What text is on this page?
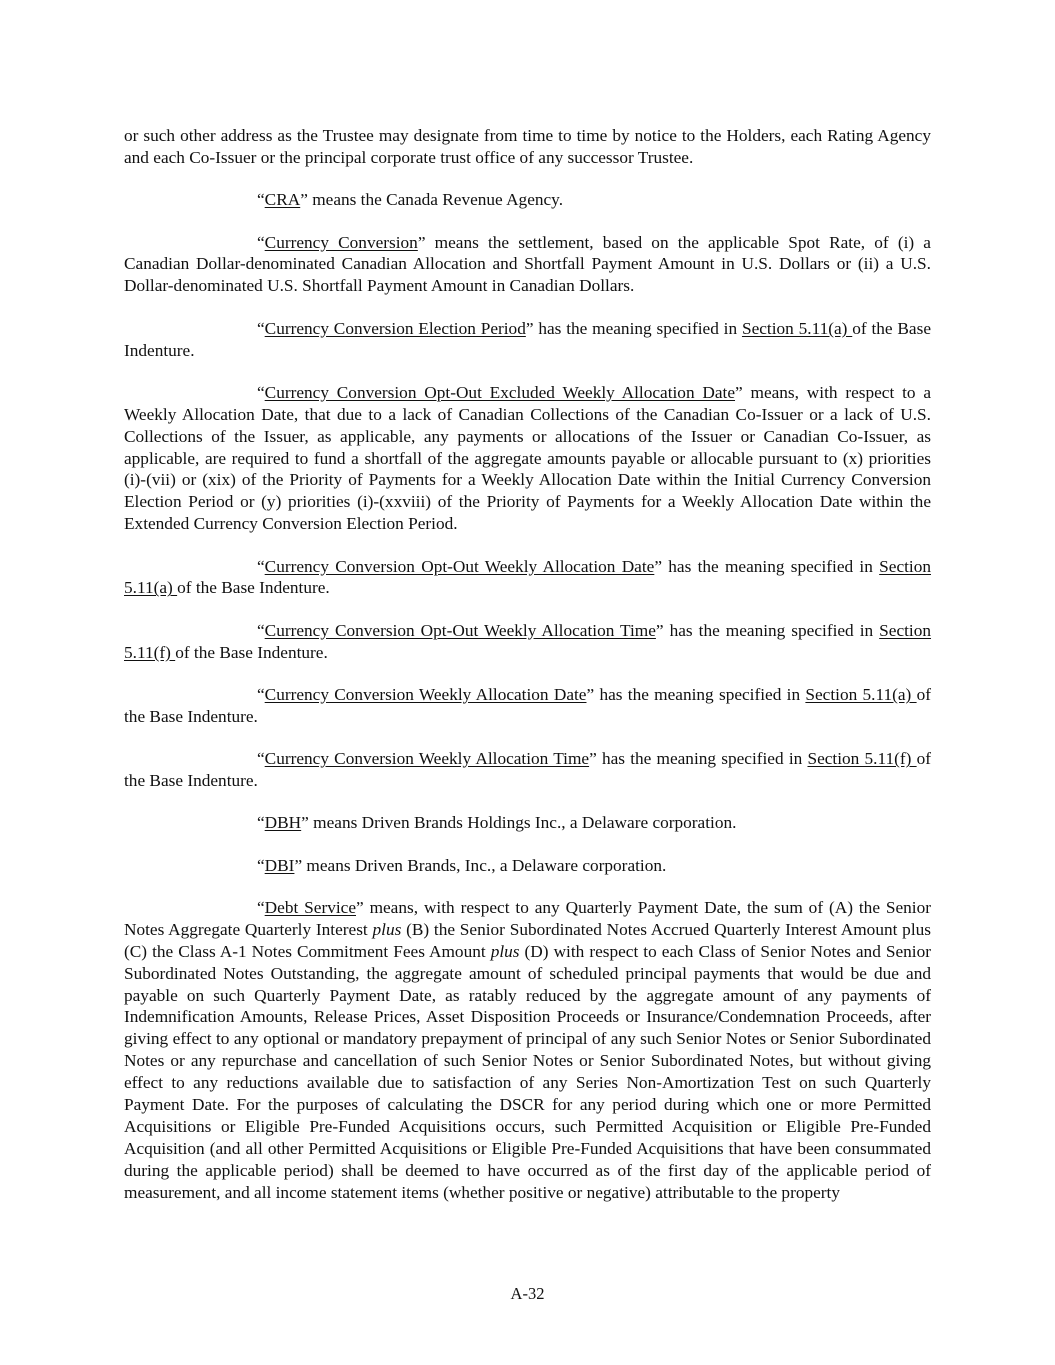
or such other address as the Trustee may designate from time to time by notice to the Holders, each Rating Agency and each Co-Issuer or the principal corporate trust office of any successor Trustee.

“CRA” means the Canada Revenue Agency.

“Currency Conversion” means the settlement, based on the applicable Spot Rate, of (i) a Canadian Dollar-denominated Canadian Allocation and Shortfall Payment Amount in U.S. Dollars or (ii) a U.S. Dollar-denominated U.S. Shortfall Payment Amount in Canadian Dollars.

“Currency Conversion Election Period” has the meaning specified in Section 5.11(a) of the Base Indenture.

“Currency Conversion Opt-Out Excluded Weekly Allocation Date” means, with respect to a Weekly Allocation Date, that due to a lack of Canadian Collections of the Canadian Co-Issuer or a lack of U.S. Collections of the Issuer, as applicable, any payments or allocations of the Issuer or Canadian Co-Issuer, as applicable, are required to fund a shortfall of the aggregate amounts payable or allocable pursuant to (x) priorities (i)-(vii) or (xix) of the Priority of Payments for a Weekly Allocation Date within the Initial Currency Conversion Election Period or (y) priorities (i)-(xxviii) of the Priority of Payments for a Weekly Allocation Date within the Extended Currency Conversion Election Period.

“Currency Conversion Opt-Out Weekly Allocation Date” has the meaning specified in Section 5.11(a) of the Base Indenture.

“Currency Conversion Opt-Out Weekly Allocation Time” has the meaning specified in Section 5.11(f) of the Base Indenture.

“Currency Conversion Weekly Allocation Date” has the meaning specified in Section 5.11(a) of the Base Indenture.

“Currency Conversion Weekly Allocation Time” has the meaning specified in Section 5.11(f) of the Base Indenture.

“DBH” means Driven Brands Holdings Inc., a Delaware corporation.

“DBI” means Driven Brands, Inc., a Delaware corporation.

“Debt Service” means, with respect to any Quarterly Payment Date, the sum of (A) the Senior Notes Aggregate Quarterly Interest plus (B) the Senior Subordinated Notes Accrued Quarterly Interest Amount plus (C) the Class A-1 Notes Commitment Fees Amount plus (D) with respect to each Class of Senior Notes and Senior Subordinated Notes Outstanding, the aggregate amount of scheduled principal payments that would be due and payable on such Quarterly Payment Date, as ratably reduced by the aggregate amount of any payments of Indemnification Amounts, Release Prices, Asset Disposition Proceeds or Insurance/Condemnation Proceeds, after giving effect to any optional or mandatory prepayment of principal of any such Senior Notes or Senior Subordinated Notes or any repurchase and cancellation of such Senior Notes or Senior Subordinated Notes, but without giving effect to any reductions available due to satisfaction of any Series Non-Amortization Test on such Quarterly Payment Date. For the purposes of calculating the DSCR for any period during which one or more Permitted Acquisitions or Eligible Pre-Funded Acquisitions occurs, such Permitted Acquisition or Eligible Pre-Funded Acquisition (and all other Permitted Acquisitions or Eligible Pre-Funded Acquisitions that have been consummated during the applicable period) shall be deemed to have occurred as of the first day of the applicable period of measurement, and all income statement items (whether positive or negative) attributable to the property

A-32
